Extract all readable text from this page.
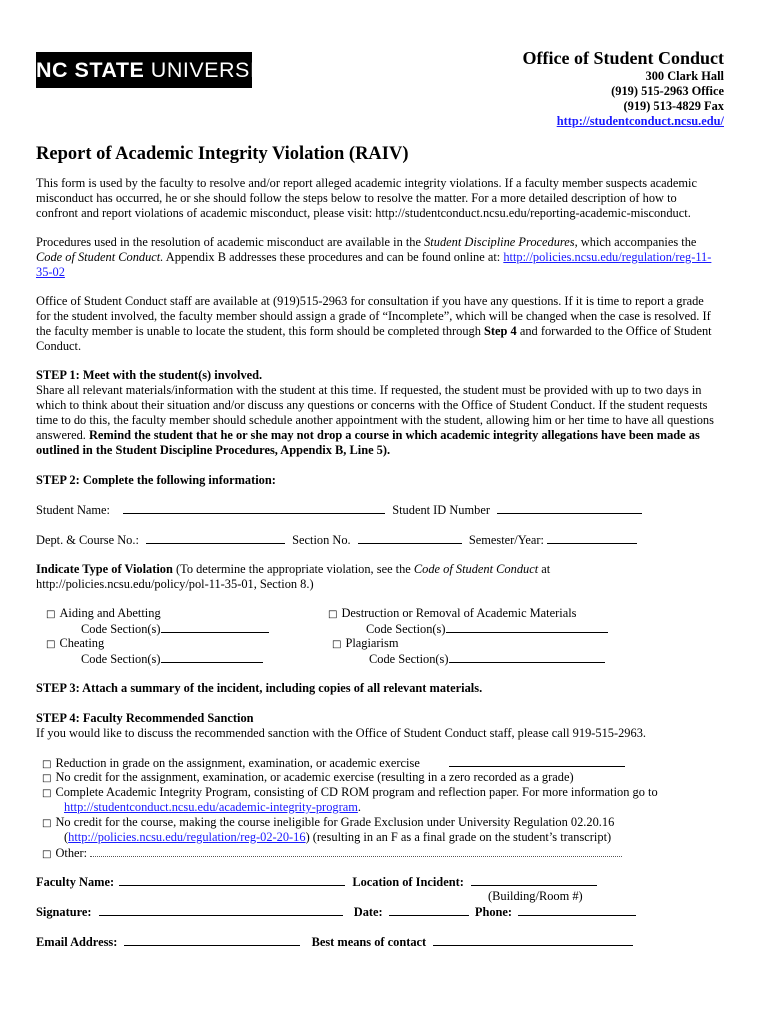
NC STATE UNIVERSITY	Office of Student Conduct
300 Clark Hall
(919) 515-2963 Office
(919) 513-4829 Fax
http://studentconduct.ncsu.edu/
Report of Academic Integrity Violation (RAIV)

This form is used by the faculty to resolve and/or report alleged academic integrity violations. If a faculty member suspects academic

misconduct has occurred, he or she should follow the steps below to resolve the matter. For a more detailed description of how to

confront and report violations of academic misconduct, please visit: http://studentconduct.ncsu.edu/reporting-academic-misconduct.

Procedures used in the resolution of academic misconduct are available in the Student Discipline Procedures, which accompanies the

Code of Student Conduct. Appendix B addresses these procedures and can be found online at: http://policies.ncsu.edu/regulation/reg-11-

35-02

Office of Student Conduct staff are available at (919)515-2963 for consultation if you have any questions. If it is time to report a grade

for the student involved, the faculty member should assign a grade of “Incomplete”, which will be changed when the case is resolved. If

the faculty member is unable to locate the student, this form should be completed through Step 4 and forwarded to the Office of Student

Conduct.

STEP 1: Meet with the student(s) involved.

Share all relevant materials/information with the student at this time. If requested, the student must be provided with up to two days in

which to think about their situation and/or discuss any questions or concerns with the Office of Student Conduct. If the student requests

time to do this, the faculty member should schedule another appointment with the student, allowing him or her time to have all questions

answered. Remind the student that he or she may not drop a course in which academic integrity allegations have been made as

outlined in the Student Discipline Procedures, Appendix B, Line 5).

STEP 2: Complete the following information:
Student Name:	Student ID Number
Dept. & Course No.:	Section No.	Semester/Year:

Indicate Type of Violation (To determine the appropriate violation, see the Code of Student Conduct at

http://policies.ncsu.edu/policy/pol-11-35-01, Section 8.)

□ Aiding and Abetting
Code Section(s)
□ Cheating
Code Section(s)
□ Destruction or Removal of Academic Materials
Code Section(s)
□ Plagiarism
Code Section(s)
STEP 3: Attach a summary of the incident, including copies of all relevant materials.

STEP 4: Faculty Recommended Sanction

If you would like to discuss the recommended sanction with the Office of Student Conduct staff, please call 919-515-2963.

□ Reduction in grade on the assignment, examination, or academic exercise
□ No credit for the assignment, examination, or academic exercise (resulting in a zero recorded as a grade)
□ Complete Academic Integrity Program, consisting of CD ROM program and reflection paper. For more information go to
http://studentconduct.ncsu.edu/academic-integrity-program.
□ No credit for the course, making the course ineligible for Grade Exclusion under University Regulation 02.20.16
(http://policies.ncsu.edu/regulation/reg-02-20-16) (resulting in an F as a final grade on the student’s transcript)
□ Other:
Faculty Name:	Location of Incident:
(Building/Room #)
Signature:	Date:	Phone:
Email Address:	Best means of contact
